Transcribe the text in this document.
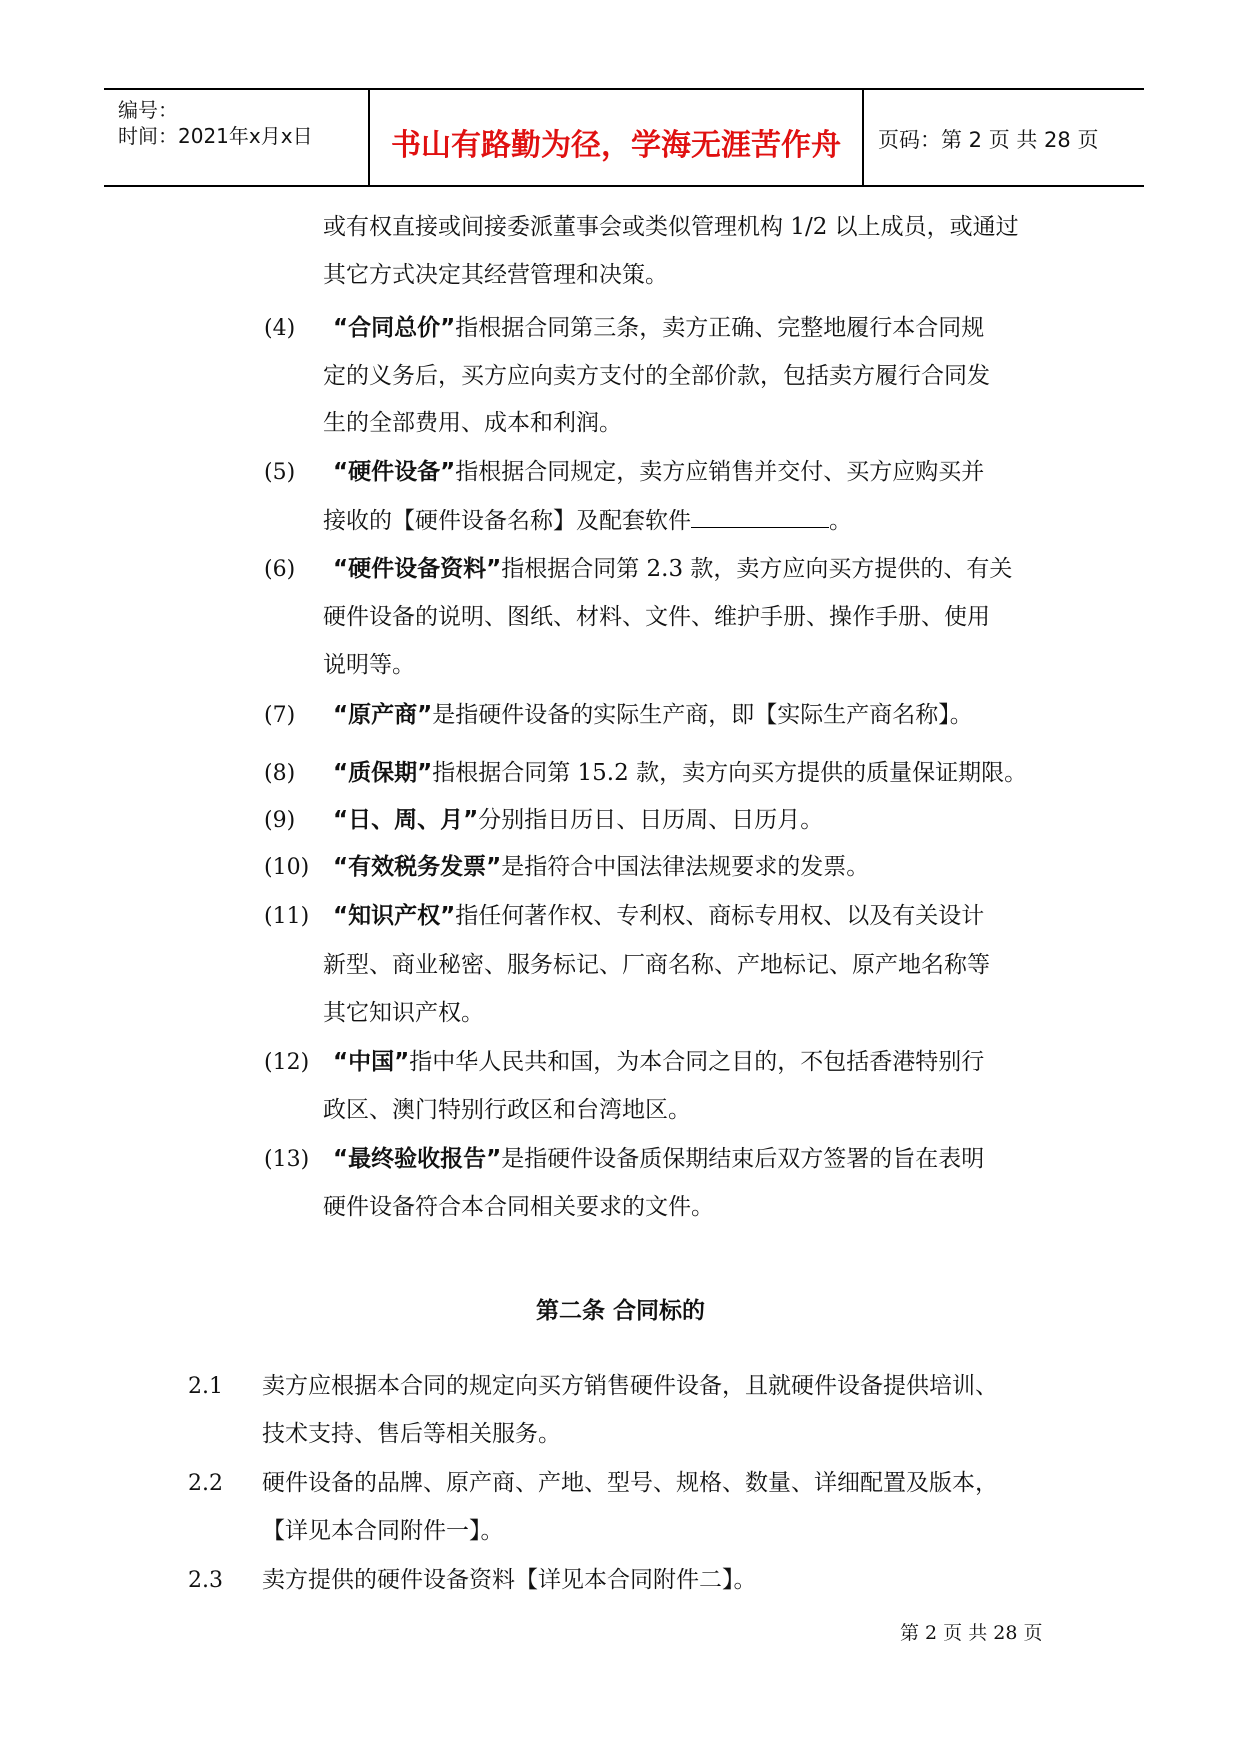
编号：
时间：2021年x月x日	书山有路勤为径，学海无涯苦作舟	页码：第 2 页 共 28 页
或有权直接或间接委派董事会或类似管理机构 1/2 以上成员，或通过
其它方式决定其经营管理和决策。
(4) “合同总价”指根据合同第三条，卖方正确、完整地履行本合同规
定的义务后，买方应向卖方支付的全部价款，包括卖方履行合同发
生的全部费用、成本和利润。
(5) “硬件设备”指根据合同规定，卖方应销售并交付、买方应购买并
接收的【硬件设备名称】及配套软件	。
(6) “硬件设备资料”指根据合同第 2.3 款，卖方应向买方提供的、有关
硬件设备的说明、图纸、材料、文件、维护手册、操作手册、使用
说明等。
(7) “原产商”是指硬件设备的实际生产商，即【实际生产商名称】。
(8) “质保期”指根据合同第 15.2 款，卖方向买方提供的质量保证期限。
(9) “日、周、月”分别指日历日、日历周、日历月。
(10) “有效税务发票”是指符合中国法律法规要求的发票。
(11) “知识产权”指任何著作权、专利权、商标专用权、以及有关设计
新型、商业秘密、服务标记、厂商名称、产地标记、原产地名称等
其它知识产权。
(12) “中国”指中华人民共和国，为本合同之目的，不包括香港特别行
政区、澳门特别行政区和台湾地区。
(13) “最终验收报告”是指硬件设备质保期结束后双方签署的旨在表明
硬件设备符合本合同相关要求的文件。
第二条 合同标的
2.1 卖方应根据本合同的规定向买方销售硬件设备，且就硬件设备提供培训、
技术支持、售后等相关服务。
2.2 硬件设备的品牌、原产商、产地、型号、规格、数量、详细配置及版本，
【详见本合同附件一】。
2.3 卖方提供的硬件设备资料【详见本合同附件二】。
第 2 页 共 28 页
